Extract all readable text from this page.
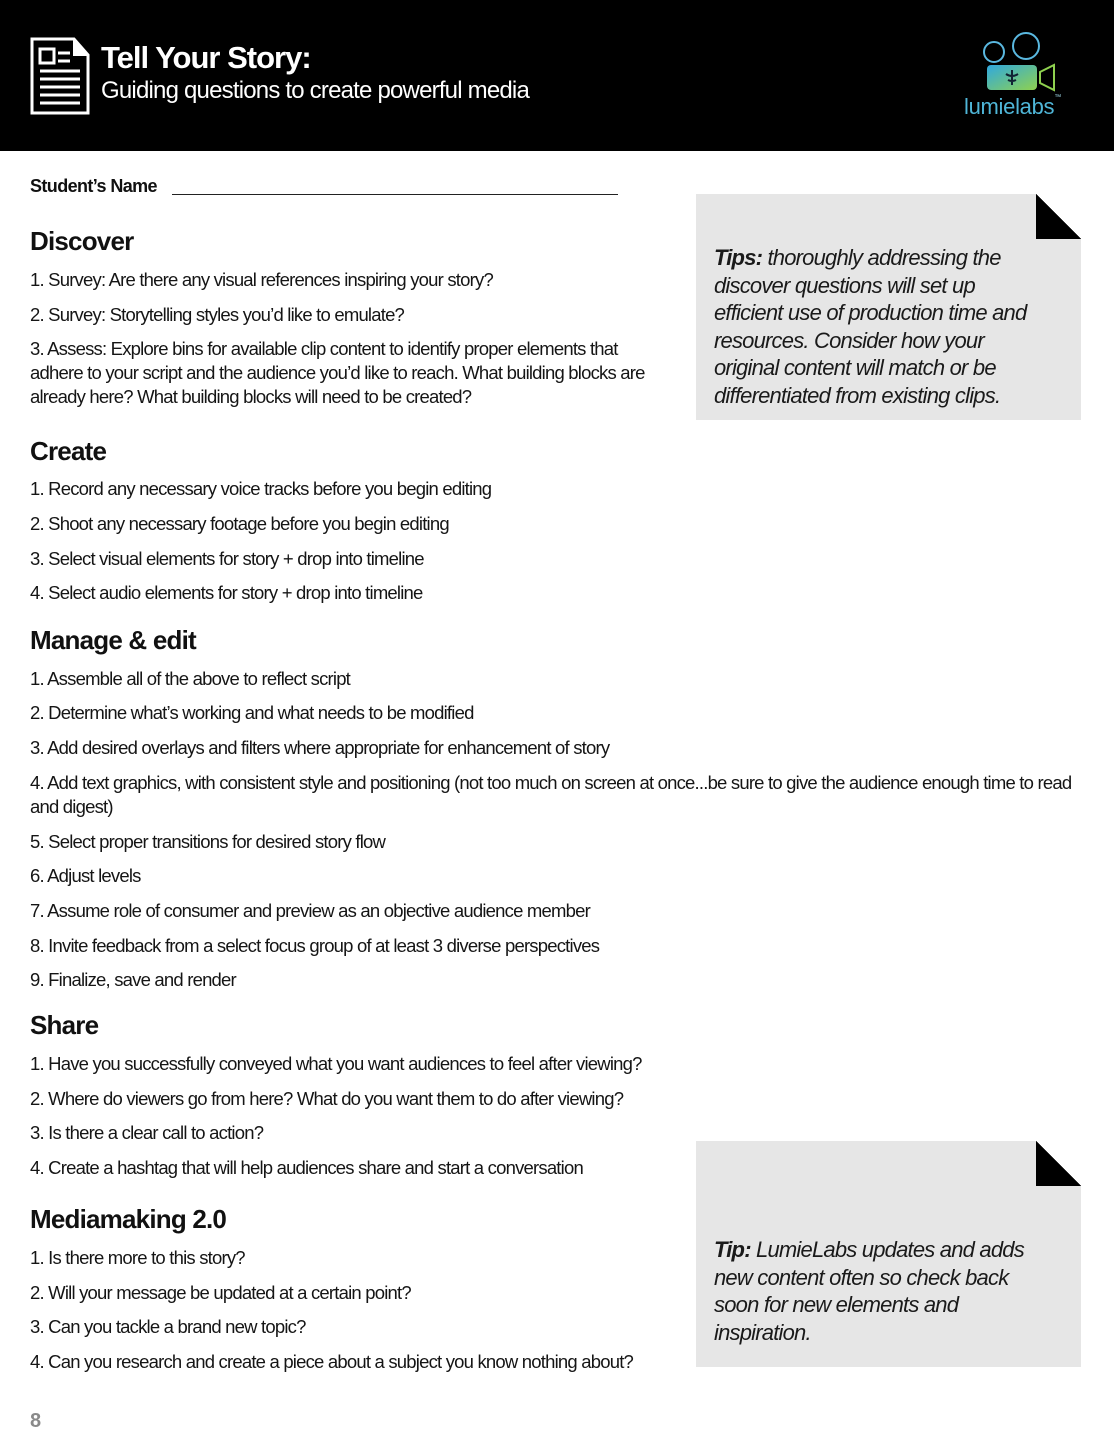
Tell Your Story:
Guiding questions to create powerful media
lumielabs™
Student’s Name
Discover
1. Survey: Are there any visual references inspiring your story?
2. Survey: Storytelling styles you’d like to emulate?
3. Assess: Explore bins for available clip content to identify proper elements that adhere to your script and the audience you’d like to reach. What building blocks are already here? What building blocks will need to be created?
Create
1. Record any necessary voice tracks before you begin editing
2. Shoot any necessary footage before you begin editing
3. Select visual elements for story + drop into timeline
4. Select audio elements for story + drop into timeline
Manage & edit
1. Assemble all of the above to reflect script
2. Determine what’s working and what needs to be modified
3. Add desired overlays and filters where appropriate for enhancement of story
4. Add text graphics, with consistent style and positioning (not too much on screen at once...be sure to give the audience enough time to read and digest)
5. Select proper transitions for desired story flow
6. Adjust levels
7. Assume role of consumer and preview as an objective audience member
8. Invite feedback from a select focus group of at least 3 diverse perspectives
9. Finalize, save and render
Share
1. Have you successfully conveyed what you want audiences to feel after viewing?
2. Where do viewers go from here? What do you want them to do after viewing?
3. Is there a clear call to action?
4. Create a hashtag that will help audiences share and start a conversation
Mediamaking 2.0
1. Is there more to this story?
2. Will your message be updated at a certain point?
3. Can you tackle a brand new topic?
4. Can you research and create a piece about a subject you know nothing about?
Tips: thoroughly addressing the discover questions will set up efficient use of production time and resources. Consider how your original content will match or be differentiated from existing clips.
Tip: LumieLabs updates and adds new content often so check back soon for new elements and inspiration.
8
